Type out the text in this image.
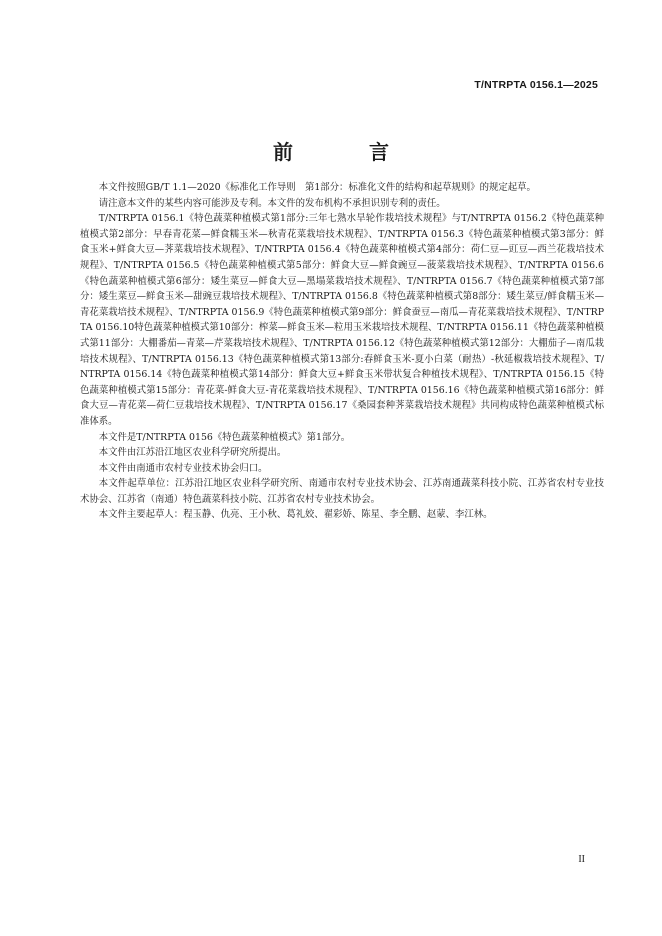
T/NTRPTA 0156.1—2025
前　言

本文件按照GB/T 1.1—2020《标准化工作导则　第1部分：标准化文件的结构和起草规则》的规定起草。

请注意本文件的某些内容可能涉及专利。本文件的发布机构不承担识别专利的责任。

T/NTRPTA 0156.1《特色蔬菜种植模式第1部分:三年七熟水旱轮作栽培技术规程》与T/NTRPTA 0156.2《特色蔬菜种植模式第2部分：早春青花菜—鲜食糯玉米—秋青花菜栽培技术规程》、T/NTRPTA 0156.3《特色蔬菜种植模式第3部分：鲜食玉米+鲜食大豆—荠菜栽培技术规程》、T/NTRPTA 0156.4《特色蔬菜种植模式第4部分：荷仁豆—豇豆—西兰花栽培技术规程》、T/NTRPTA 0156.5《特色蔬菜种植模式第5部分：鲜食大豆—鲜食豌豆—菠菜栽培技术规程》、T/NTRPTA 0156.6《特色蔬菜种植模式第6部分：矮生菜豆—鲜食大豆—黑塌菜栽培技术规程》、T/NTRPTA 0156.7《特色蔬菜种植模式第7部分：矮生菜豆—鲜食玉米—甜豌豆栽培技术规程》、T/NTRPTA 0156.8《特色蔬菜种植模式第8部分：矮生菜豆/鲜食糯玉米—青花菜栽培技术规程》、T/NTRPTA 0156.9《特色蔬菜种植模式第9部分：鲜食蚕豆—南瓜—青花菜栽培技术规程》、T/NTRPTA 0156.10特色蔬菜种植模式第10部分：榨菜—鲜食玉米—粒用玉米栽培技术规程、T/NTRPTA 0156.11《特色蔬菜种植模式第11部分：大棚番茄—青菜—芹菜栽培技术规程》、T/NTRPTA 0156.12《特色蔬菜种植模式第12部分：大棚茄子—南瓜栽培技术规程》、T/NTRPTA 0156.13《特色蔬菜种植模式第13部分:春鲜食玉米-夏小白菜（耐热）-秋延椒栽培技术规程》、T/NTRPTA 0156.14《特色蔬菜种植模式第14部分：鲜食大豆+鲜食玉米带状复合种植技术规程》、T/NTRPTA 0156.15《特色蔬菜种植模式第15部分：青花菜-鲜食大豆-青花菜栽培技术规程》、T/NTRPTA 0156.16《特色蔬菜种植模式第16部分：鲜食大豆—青花菜—荷仁豆栽培技术规程》、T/NTRPTA 0156.17《桑园套种荠菜栽培技术规程》共同构成特色蔬菜种植模式标准体系。

本文件是T/NTRPTA 0156《特色蔬菜种植模式》第1部分。

本文件由江苏沿江地区农业科学研究所提出。

本文件由南通市农村专业技术协会归口。

本文件起草单位：江苏沿江地区农业科学研究所、南通市农村专业技术协会、江苏南通蔬菜科技小院、江苏省农村专业技术协会、江苏省（南通）特色蔬菜科技小院、江苏省农村专业技术协会。

本文件主要起草人：程玉静、仇亮、王小秋、葛礼姣、翟彩娇、陈星、李全鹏、赵蒙、李江林。

II
